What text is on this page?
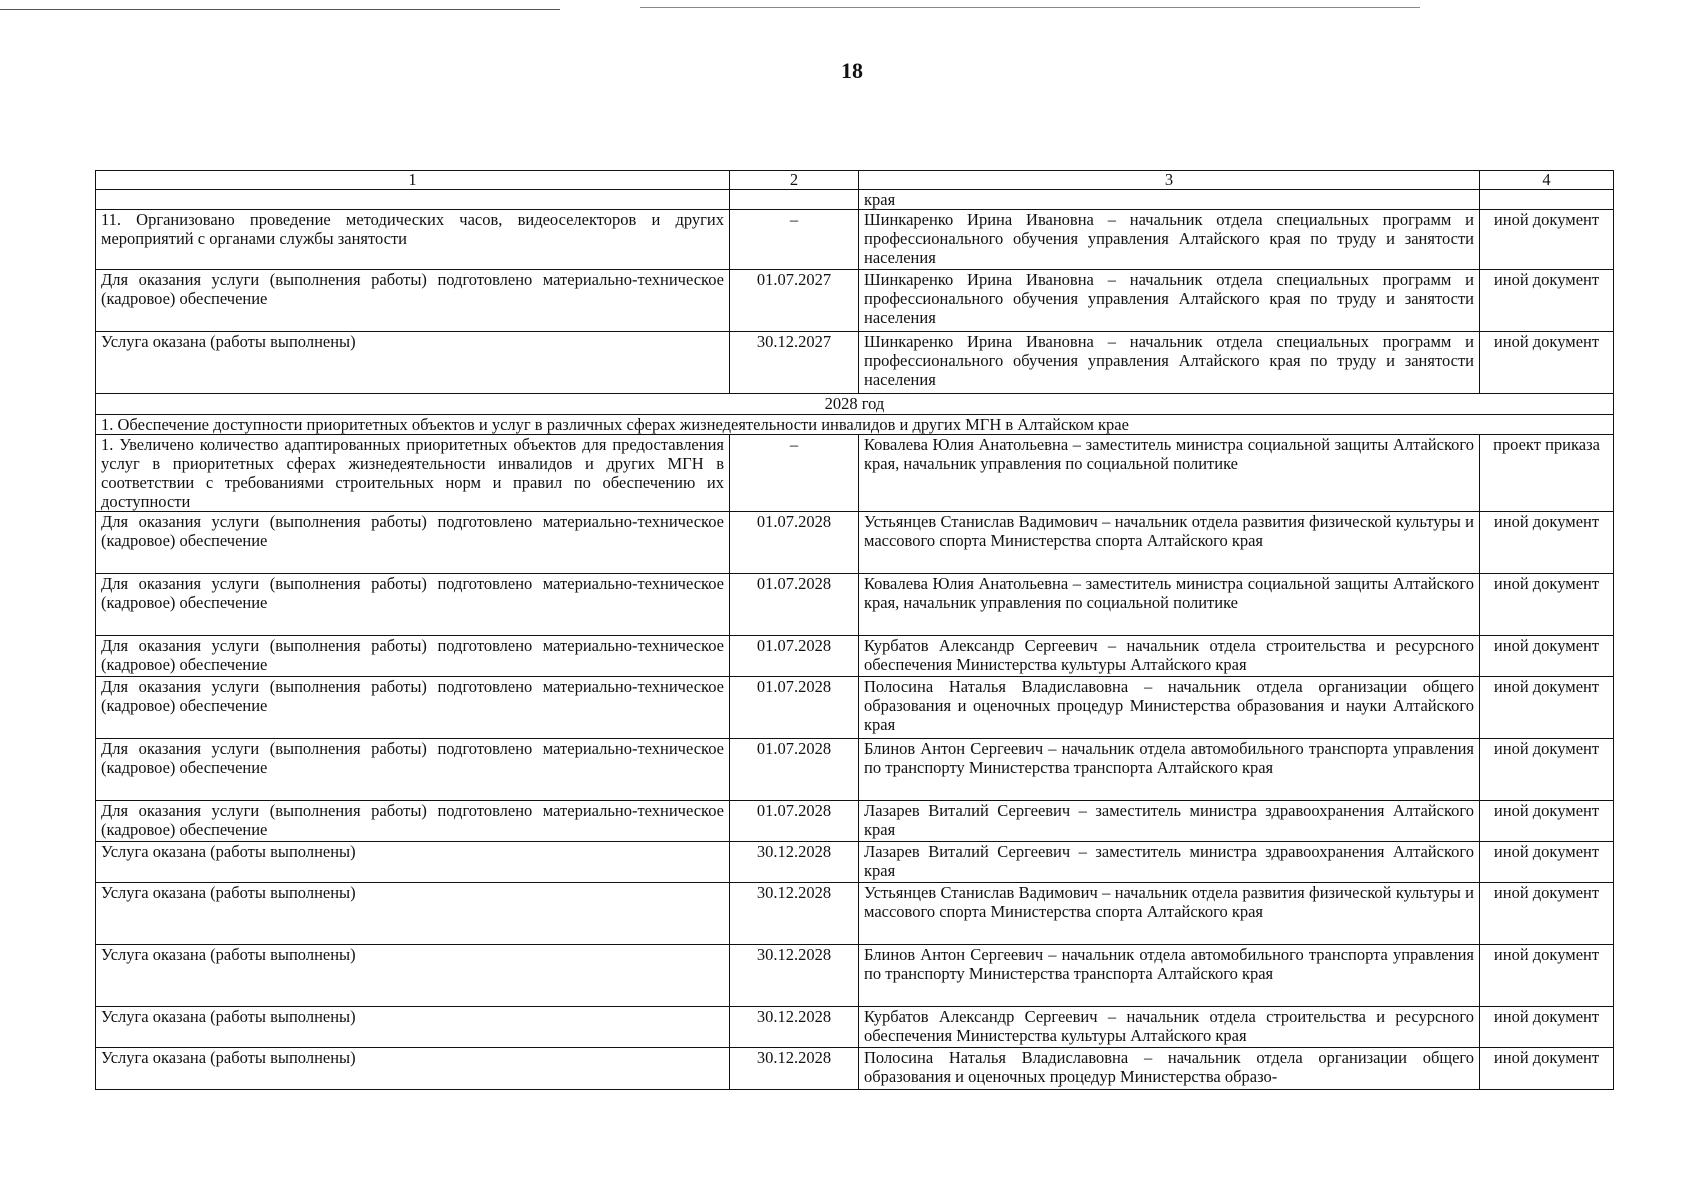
18
1	2	3	4
		края	
11. Организовано проведение методических часов, видеоселекторов и других мероприятий с органами службы занятости	–	Шинкаренко Ирина Ивановна – начальник отдела специальных программ и профессионального обучения управления Алтайского края по труду и занятости населения	иной документ
Для оказания услуги (выполнения работы) подготовлено материально-техническое (кадровое) обеспечение	01.07.2027	Шинкаренко Ирина Ивановна – начальник отдела специальных программ и профессионального обучения управления Алтайского края по труду и занятости населения	иной документ
Услуга оказана (работы выполнены)	30.12.2027	Шинкаренко Ирина Ивановна – начальник отдела специальных программ и профессионального обучения управления Алтайского края по труду и занятости населения	иной документ
2028 год			
1. Обеспечение доступности приоритетных объектов и услуг в различных сферах жизнедеятельности инвалидов и других МГН в Алтайском крае			
1. Увеличено количество адаптированных приоритетных объектов для предоставления услуг в приоритетных сферах жизнедеятельности инвалидов и других МГН в соответствии с требованиями строительных норм и правил по обеспечению их доступности	–	Ковалева Юлия Анатольевна – заместитель министра социальной защиты Алтайского края, начальник управления по социальной политике	проект приказа
Для оказания услуги (выполнения работы) подготовлено материально-техническое (кадровое) обеспечение	01.07.2028	Устьянцев Станислав Вадимович – начальник отдела развития физической культуры и массового спорта Министерства спорта Алтайского края	иной документ
Для оказания услуги (выполнения работы) подготовлено материально-техническое (кадровое) обеспечение	01.07.2028	Ковалева Юлия Анатольевна – заместитель министра социальной защиты Алтайского края, начальник управления по социальной политике	иной документ
Для оказания услуги (выполнения работы) подготовлено материально-техническое (кадровое) обеспечение	01.07.2028	Курбатов Александр Сергеевич – начальник отдела строительства и ресурсного обеспечения Министерства культуры Алтайского края	иной документ
Для оказания услуги (выполнения работы) подготовлено материально-техническое (кадровое) обеспечение	01.07.2028	Полосина Наталья Владиславовна – начальник отдела организации общего образования и оценочных процедур Министерства образования и науки Алтайского края	иной документ
Для оказания услуги (выполнения работы) подготовлено материально-техническое (кадровое) обеспечение	01.07.2028	Блинов Антон Сергеевич – начальник отдела автомобильного транспорта управления по транспорту Министерства транспорта Алтайского края	иной документ
Для оказания услуги (выполнения работы) подготовлено материально-техническое (кадровое) обеспечение	01.07.2028	Лазарев Виталий Сергеевич – заместитель министра здравоохранения Алтайского края	иной документ
Услуга оказана (работы выполнены)	30.12.2028	Лазарев Виталий Сергеевич – заместитель министра здравоохранения Алтайского края	иной документ
Услуга оказана (работы выполнены)	30.12.2028	Устьянцев Станислав Вадимович – начальник отдела развития физической культуры и массового спорта Министерства спорта Алтайского края	иной документ
Услуга оказана (работы выполнены)	30.12.2028	Блинов Антон Сергеевич – начальник отдела автомобильного транспорта управления по транспорту Министерства транспорта Алтайского края	иной документ
Услуга оказана (работы выполнены)	30.12.2028	Курбатов Александр Сергеевич – начальник отдела строительства и ресурсного обеспечения Министерства культуры Алтайского края	иной документ
Услуга оказана (работы выполнены)	30.12.2028	Полосина Наталья Владиславовна – начальник отдела организации общего образования и оценочных процедур Министерства образо-	иной документ
